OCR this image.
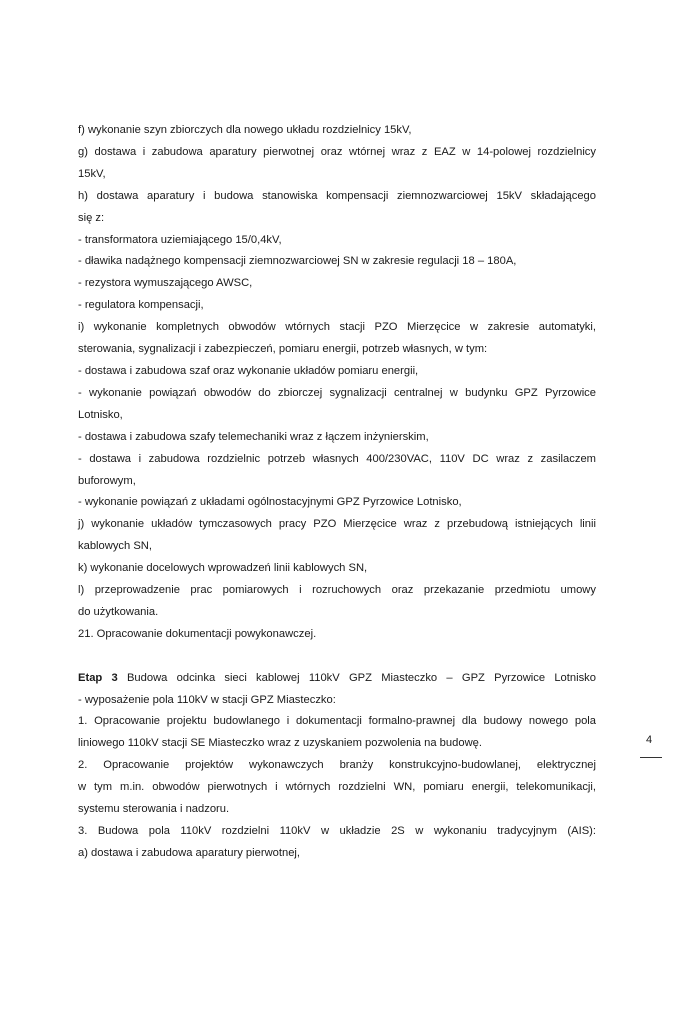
f) wykonanie szyn zbiorczych dla nowego układu rozdzielnicy 15kV,
g) dostawa i zabudowa aparatury pierwotnej oraz wtórnej wraz z EAZ w 14-polowej rozdzielnicy
15kV,
h) dostawa aparatury i budowa stanowiska kompensacji ziemnozwarciowej 15kV składającego
się z:
- transformatora uziemiającego 15/0,4kV,
- dławika nadążnego kompensacji ziemnozwarciowej SN w zakresie regulacji 18 – 180A,
- rezystora wymuszającego AWSC,
- regulatora kompensacji,
i) wykonanie kompletnych obwodów wtórnych stacji PZO Mierzęcice w zakresie automatyki,
sterowania, sygnalizacji i zabezpieczeń, pomiaru energii, potrzeb własnych, w tym:
- dostawa i zabudowa szaf oraz wykonanie układów pomiaru energii,
- wykonanie powiązań obwodów do zbiorczej sygnalizacji centralnej w budynku GPZ Pyrzowice
Lotnisko,
- dostawa i zabudowa szafy telemechaniki wraz z łączem inżynierskim,
- dostawa i zabudowa rozdzielnic potrzeb własnych 400/230VAC, 110V DC wraz z zasilaczem
buforowym,
- wykonanie powiązań z układami ogólnostacyjnymi GPZ Pyrzowice Lotnisko,
j) wykonanie układów tymczasowych pracy PZO Mierzęcice wraz z przebudową istniejących linii
kablowych SN,
k) wykonanie docelowych wprowadzeń linii kablowych SN,
l) przeprowadzenie prac pomiarowych i rozruchowych oraz przekazanie przedmiotu umowy
do użytkowania.
21. Opracowanie dokumentacji powykonawczej.
Etap 3 Budowa odcinka sieci kablowej 110kV GPZ Miasteczko – GPZ Pyrzowice Lotnisko
- wyposażenie pola 110kV w stacji GPZ Miasteczko:
1. Opracowanie projektu budowlanego i dokumentacji formalno-prawnej dla budowy nowego pola
liniowego 110kV stacji SE Miasteczko wraz z uzyskaniem pozwolenia na budowę.
2. Opracowanie projektów wykonawczych branży konstrukcyjno-budowlanej, elektrycznej
w tym m.in. obwodów pierwotnych i wtórnych rozdzielni WN, pomiaru energii, telekomunikacji,
systemu sterowania i nadzoru.
3. Budowa pola 110kV rozdzielni 110kV w układzie 2S w wykonaniu tradycyjnym (AIS):
a) dostawa i zabudowa aparatury pierwotnej,
4
